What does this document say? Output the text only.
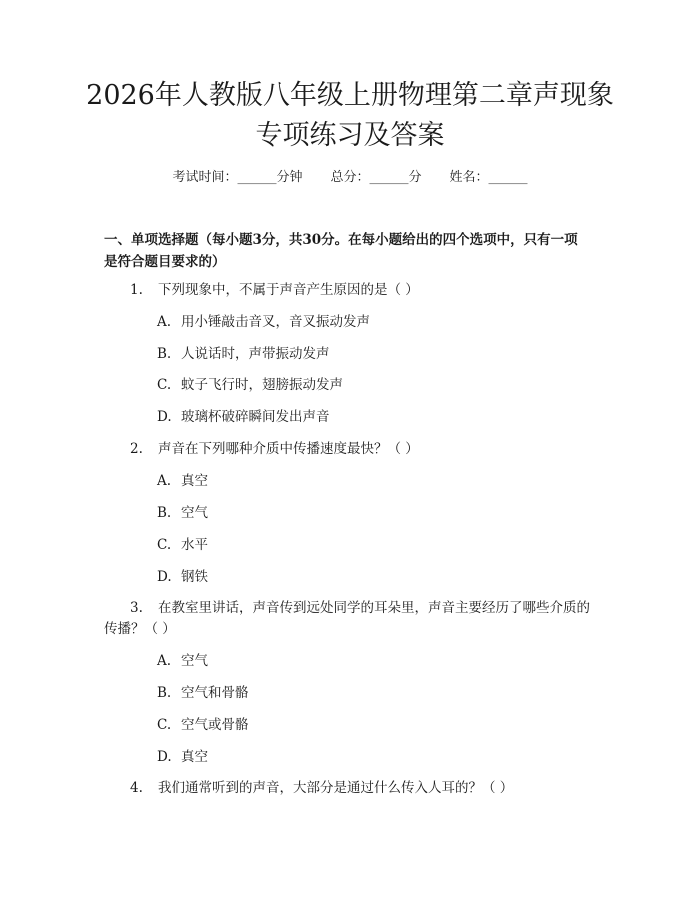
2026年人教版八年级上册物理第二章声现象
专项练习及答案
考试时间：______分钟 总分：______分 姓名：______
一、单项选择题（每小题3分，共30分。在每小题给出的四个选项中，只有一项
是符合题目要求的）
1. 下列现象中，不属于声音产生原因的是（ ）
A. 用小锤敲击音叉，音叉振动发声
B. 人说话时，声带振动发声
C. 蚊子飞行时，翅膀振动发声
D. 玻璃杯破碎瞬间发出声音
2. 声音在下列哪种介质中传播速度最快？（ ）
A. 真空
B. 空气
C. 水平
D. 钢铁
3. 在教室里讲话，声音传到远处同学的耳朵里，声音主要经历了哪些介质的
传播？（ ）
A. 空气
B. 空气和骨骼
C. 空气或骨骼
D. 真空
4. 我们通常听到的声音，大部分是通过什么传入人耳的？（ ）
